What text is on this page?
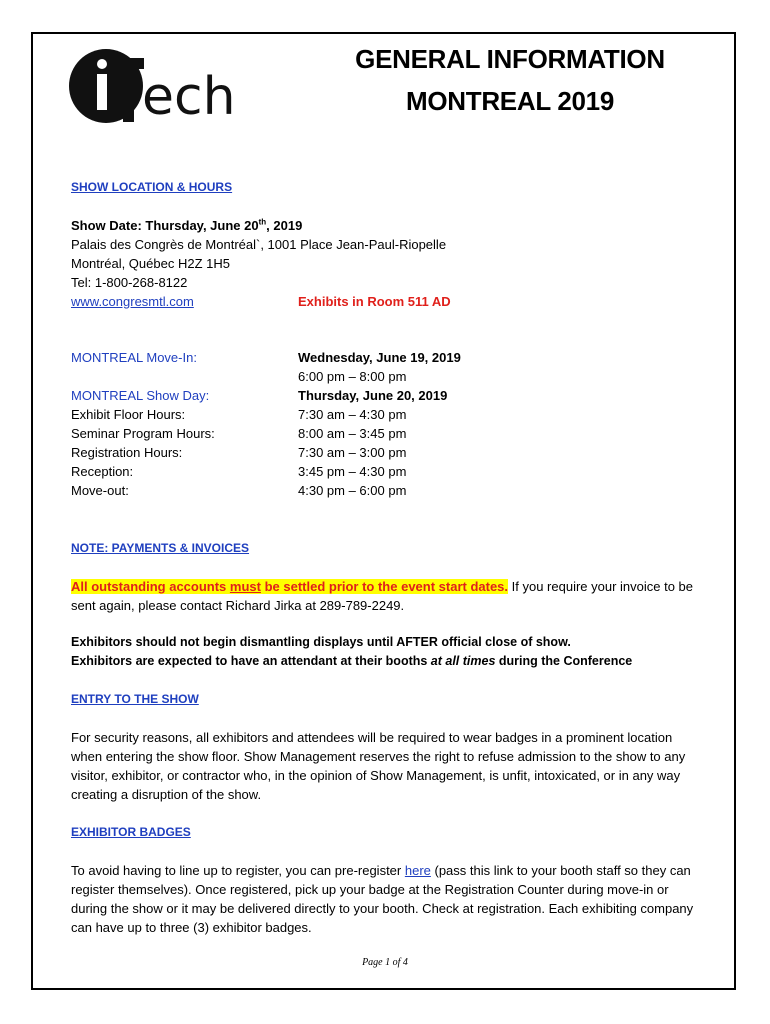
ech
GENERAL INFORMATION
MONTREAL 2019
SHOW LOCATION & HOURS
Show Date: Thursday, June 20th, 2019
Palais des Congrès de Montréal`, 1001 Place Jean-Paul-Riopelle
Montréal, Québec H2Z 1H5
Tel: 1-800-268-8122
www.congresmtl.com	Exhibits in Room 511 AD
MONTREAL Move-In:	Wednesday, June 19, 2019
6:00 pm – 8:00 pm
MONTREAL Show Day:	Thursday, June 20, 2019
Exhibit Floor Hours:	7:30 am – 4:30 pm
Seminar Program Hours:	8:00 am – 3:45 pm
Registration Hours:	7:30 am – 3:00 pm
Reception:	3:45 pm – 4:30 pm
Move-out:	4:30 pm – 6:00 pm
NOTE: PAYMENTS & INVOICES
All outstanding accounts must be settled prior to the event start dates. If you require your invoice to be sent again, please contact Richard Jirka at 289-789-2249.
Exhibitors should not begin dismantling displays until AFTER official close of show.
Exhibitors are expected to have an attendant at their booths at all times during the Conference
ENTRY TO THE SHOW
For security reasons, all exhibitors and attendees will be required to wear badges in a prominent location when entering the show floor. Show Management reserves the right to refuse admission to the show to any visitor, exhibitor, or contractor who, in the opinion of Show Management, is unfit, intoxicated, or in any way creating a disruption of the show.
EXHIBITOR BADGES
To avoid having to line up to register, you can pre-register here (pass this link to your booth staff so they can register themselves). Once registered, pick up your badge at the Registration Counter during move-in or during the show or it may be delivered directly to your booth. Check at registration. Each exhibiting company can have up to three (3) exhibitor badges.
Page 1 of 4
